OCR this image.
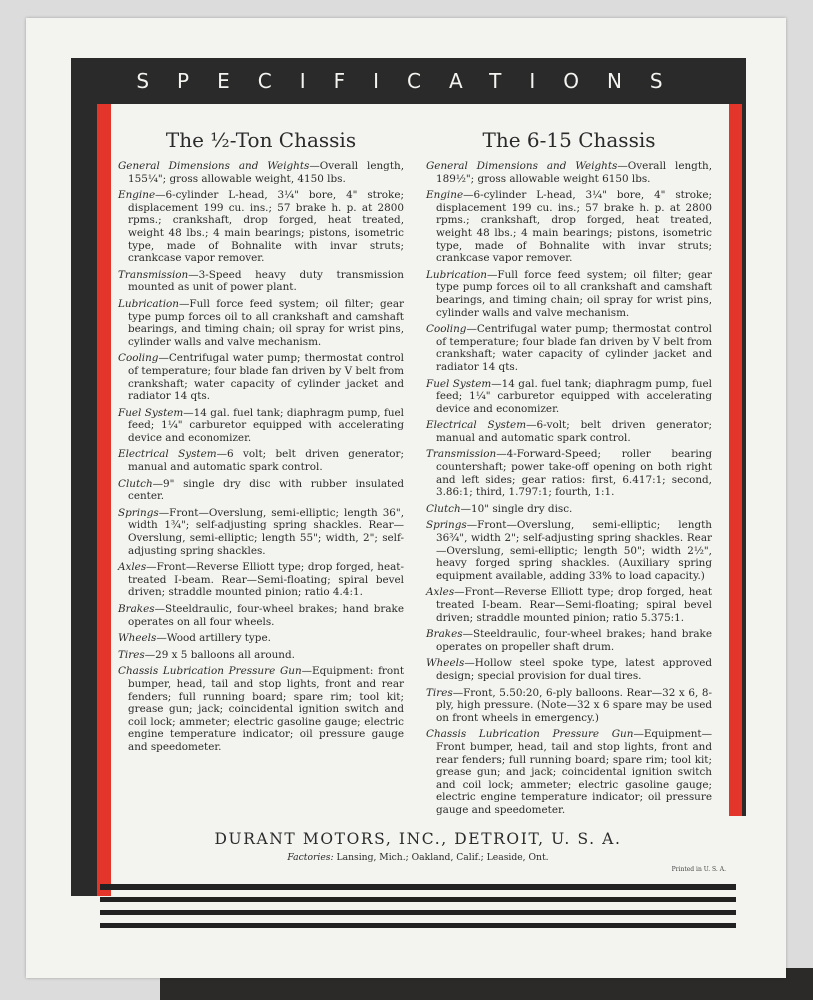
SPECIFICATIONS
The ½-Ton Chassis

General Dimensions and Weights—Overall length, 155¼"; gross allowable weight, 4150 lbs.

Engine—6-cylinder L-head, 3¼" bore, 4" stroke; displacement 199 cu. ins.; 57 brake h. p. at 2800 rpms.; crankshaft, drop forged, heat treated, weight 48 lbs.; 4 main bearings; pistons, isometric type, made of Bohnalite with invar struts; crankcase vapor remover.

Transmission—3-Speed heavy duty transmission mounted as unit of power plant.

Lubrication—Full force feed system; oil filter; gear type pump forces oil to all crankshaft and camshaft bearings, and timing chain; oil spray for wrist pins, cylinder walls and valve mechanism.

Cooling—Centrifugal water pump; thermostat control of temperature; four blade fan driven by V belt from crankshaft; water capacity of cylinder jacket and radiator 14 qts.

Fuel System—14 gal. fuel tank; diaphragm pump, fuel feed; 1¼" carburetor equipped with accelerating device and economizer.

Electrical System—6 volt; belt driven generator; manual and automatic spark control.

Clutch—9" single dry disc with rubber insulated center.

Springs—Front—Overslung, semi-elliptic; length 36", width 1¾"; self-adjusting spring shackles. Rear—Overslung, semi-elliptic; length 55"; width, 2"; self-adjusting spring shackles.

Axles—Front—Reverse Elliott type; drop forged, heat-treated I-beam. Rear—Semi-floating; spiral bevel driven; straddle mounted pinion; ratio 4.4:1.

Brakes—Steeldraulic, four-wheel brakes; hand brake operates on all four wheels.

Wheels—Wood artillery type.

Tires—29 x 5 balloons all around.

Chassis Lubrication Pressure Gun—Equipment: front bumper, head, tail and stop lights, front and rear fenders; full running board; spare rim; tool kit; grease gun; jack; coincidental ignition switch and coil lock; ammeter; electric gasoline gauge; electric engine temperature indicator; oil pressure gauge and speedometer.

The 6-15 Chassis

General Dimensions and Weights—Overall length, 189½"; gross allowable weight 6150 lbs.

Engine—6-cylinder L-head, 3¼" bore, 4" stroke; displacement 199 cu. ins.; 57 brake h. p. at 2800 rpms.; crankshaft, drop forged, heat treated, weight 48 lbs.; 4 main bearings; pistons, isometric type, made of Bohnalite with invar struts; crankcase vapor remover.

Lubrication—Full force feed system; oil filter; gear type pump forces oil to all crankshaft and camshaft bearings, and timing chain; oil spray for wrist pins, cylinder walls and valve mechanism.

Cooling—Centrifugal water pump; thermostat control of temperature; four blade fan driven by V belt from crankshaft; water capacity of cylinder jacket and radiator 14 qts.

Fuel System—14 gal. fuel tank; diaphragm pump, fuel feed; 1¼" carburetor equipped with accelerating device and economizer.

Electrical System—6-volt; belt driven generator; manual and automatic spark control.

Transmission—4-Forward-Speed; roller bearing countershaft; power take-off opening on both right and left sides; gear ratios: first, 6.417:1; second, 3.86:1; third, 1.797:1; fourth, 1:1.

Clutch—10" single dry disc.

Springs—Front—Overslung, semi-elliptic; length 36¾", width 2"; self-adjusting spring shackles. Rear—Overslung, semi-elliptic; length 50"; width 2½", heavy forged spring shackles. (Auxiliary spring equipment available, adding 33% to load capacity.)

Axles—Front—Reverse Elliott type; drop forged, heat treated I-beam. Rear—Semi-floating; spiral bevel driven; straddle mounted pinion; ratio 5.375:1.

Brakes—Steeldraulic, four-wheel brakes; hand brake operates on propeller shaft drum.

Wheels—Hollow steel spoke type, latest approved design; special provision for dual tires.

Tires—Front, 5.50:20, 6-ply balloons. Rear—32 x 6, 8-ply, high pressure. (Note—32 x 6 spare may be used on front wheels in emergency.)

Chassis Lubrication Pressure Gun—Equipment—Front bumper, head, tail and stop lights, front and rear fenders; full running board; spare rim; tool kit; grease gun; and jack; coincidental ignition switch and coil lock; ammeter; electric gasoline gauge; electric engine temperature indicator; oil pressure gauge and speedometer.

DURANT MOTORS, INC., DETROIT, U. S. A.
Factories: Lansing, Mich.; Oakland, Calif.; Leaside, Ont.
Printed in U. S. A.
